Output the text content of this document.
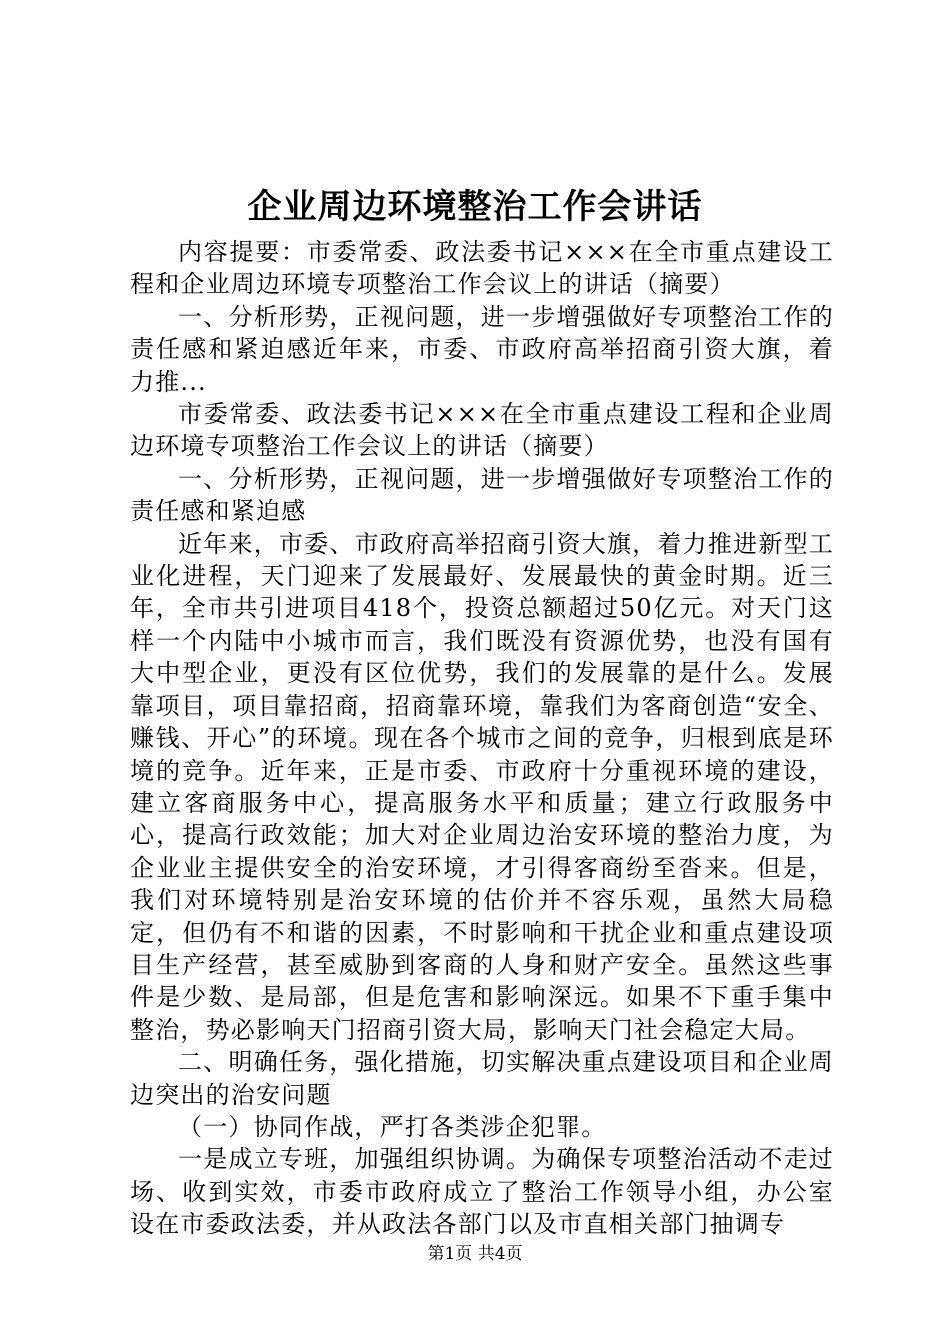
企业周边环境整治工作会讲话

内容提要：市委常委、政法委书记×××在全市重点建设工程和企业周边环境专项整治工作会议上的讲话（摘要）

一、分析形势，正视问题，进一步增强做好专项整治工作的责任感和紧迫感近年来，市委、市政府高举招商引资大旗，着力推...

市委常委、政法委书记×××在全市重点建设工程和企业周边环境专项整治工作会议上的讲话（摘要）

一、分析形势，正视问题，进一步增强做好专项整治工作的责任感和紧迫感

近年来，市委、市政府高举招商引资大旗，着力推进新型工业化进程，天门迎来了发展最好、发展最快的黄金时期。近三年，全市共引进项目418个，投资总额超过50亿元。对天门这样一个内陆中小城市而言，我们既没有资源优势，也没有国有大中型企业，更没有区位优势，我们的发展靠的是什么。发展靠项目，项目靠招商，招商靠环境，靠我们为客商创造“安全、赚钱、开心”的环境。现在各个城市之间的竞争，归根到底是环境的竞争。近年来，正是市委、市政府十分重视环境的建设，建立客商服务中心，提高服务水平和质量；建立行政服务中心，提高行政效能；加大对企业周边治安环境的整治力度，为企业业主提供安全的治安环境，才引得客商纷至沓来。但是，我们对环境特别是治安环境的估价并不容乐观，虽然大局稳定，但仍有不和谐的因素，不时影响和干扰企业和重点建设项目生产经营，甚至威胁到客商的人身和财产安全。虽然这些事件是少数、是局部，但是危害和影响深远。如果不下重手集中整治，势必影响天门招商引资大局，影响天门社会稳定大局。

二、明确任务，强化措施，切实解决重点建设项目和企业周边突出的治安问题

（一）协同作战，严打各类涉企犯罪。

一是成立专班，加强组织协调。为确保专项整治活动不走过场、收到实效，市委市政府成立了整治工作领导小组，办公室设在市委政法委，并从政法各部门以及市直相关部门抽调专

第1页 共4页
